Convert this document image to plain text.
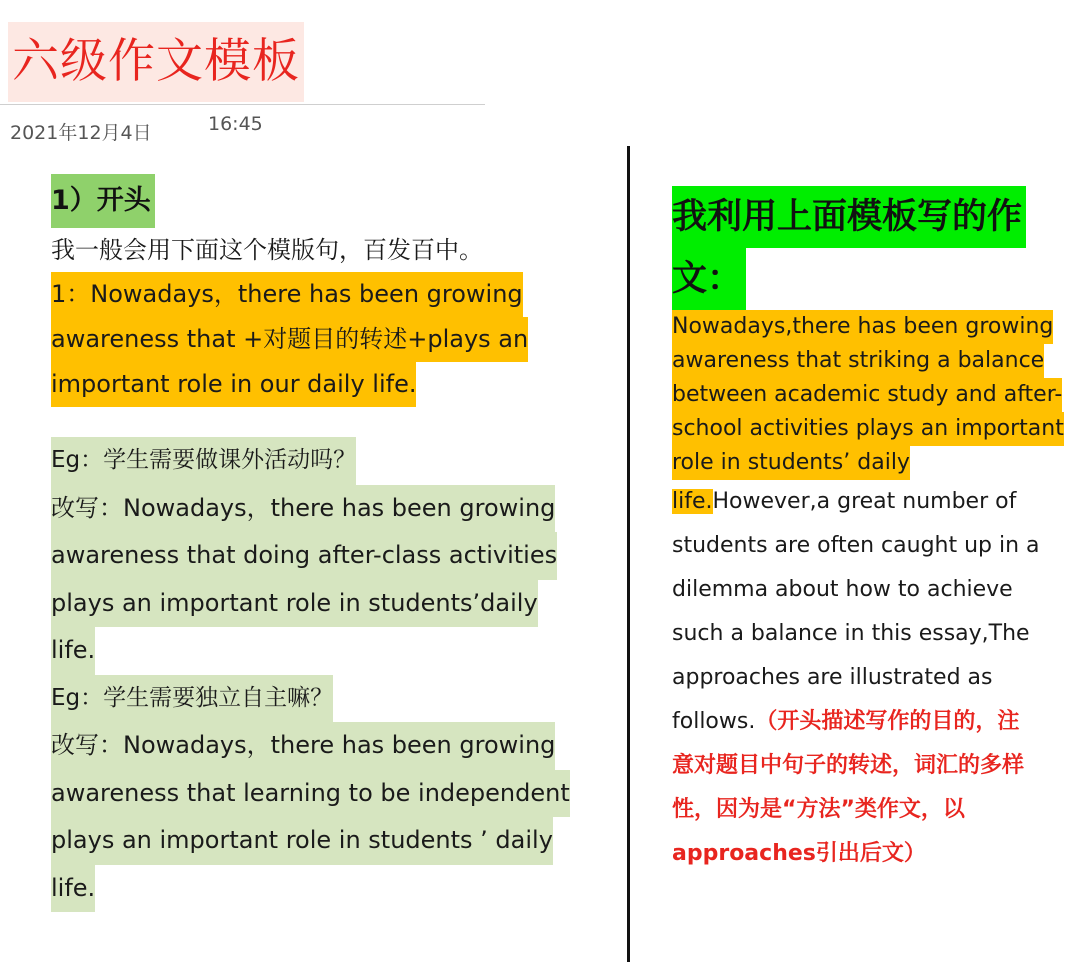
六级作文模板
2021年12月4日	16:45
1）开头
我一般会用下面这个模版句，百发百中。
1：Nowadays，there has been growing
awareness that +对题目的转述+plays an
important role in our daily life.
Eg：学生需要做课外活动吗？
改写：Nowadays，there has been growing
awareness that doing after-class activities
plays an important role in students’daily
life.
Eg：学生需要独立自主嘛？
改写：Nowadays，there has been growing
awareness that learning to be independent
plays an important role in students ’ daily
life.
我利用上面模板写的作
文：
Nowadays,there has been growing
awareness that striking a balance
between academic study and after-
school activities plays an important
role in students’ daily
life.However,a great number of
students are often caught up in a
dilemma about how to achieve
such a balance in this essay,The
approaches are illustrated as
follows.（开头描述写作的目的，注
意对题目中句子的转述，词汇的多样
性，因为是“方法”类作文，以
approaches引出后文）
